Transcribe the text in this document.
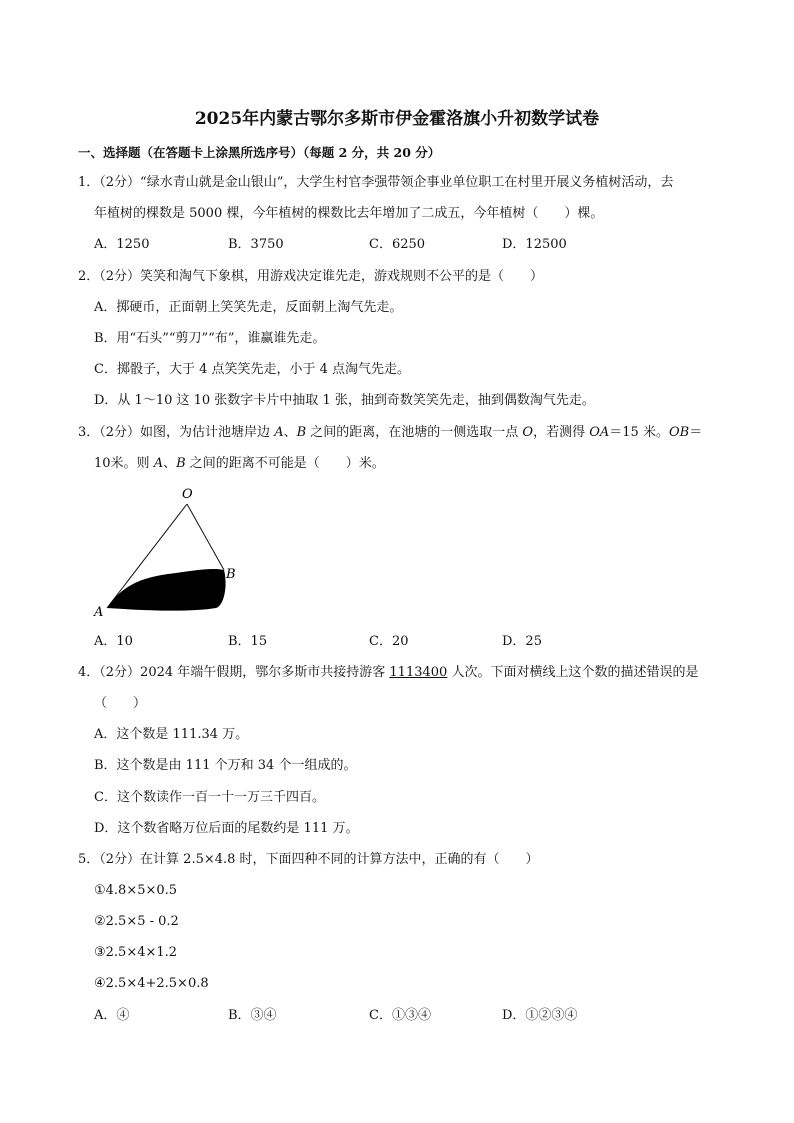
2025年内蒙古鄂尔多斯市伊金霍洛旗小升初数学试卷
一、选择题（在答题卡上涂黑所选序号）（每题 2 分，共 20 分）
1．（2分）“绿水青山就是金山银山”，大学生村官李强带领企事业单位职工在村里开展义务植树活动，去
年植树的棵数是 5000 棵，今年植树的棵数比去年增加了二成五，今年植树（　　）棵。
A．1250	B．3750	C．6250	D．12500
2．（2分）笑笑和淘气下象棋，用游戏决定谁先走，游戏规则不公平的是（　　）
A．掷硬币，正面朝上笑笑先走，反面朝上淘气先走。
B．用“石头”“剪刀”“布”，谁赢谁先走。
C．掷骰子，大于 4 点笑笑先走，小于 4 点淘气先走。
D．从 1～10 这 10 张数字卡片中抽取 1 张，抽到奇数笑笑先走，抽到偶数淘气先走。
3．（2分）如图，为估计池塘岸边 A、B 之间的距离，在池塘的一侧选取一点 O，若测得 OA＝15 米。OB＝
10米。则 A、B 之间的距离不可能是（　　）米。
O
B
A
A．10	B．15	C．20	D．25
4．（2分）2024 年端午假期，鄂尔多斯市共接持游客 1113400 人次。下面对横线上这个数的描述错误的是
（　　）
A．这个数是 111.34 万。
B．这个数是由 111 个万和 34 个一组成的。
C．这个数读作一百一十一万三千四百。
D．这个数省略万位后面的尾数约是 111 万。
5．（2分）在计算 2.5×4.8 时，下面四种不同的计算方法中，正确的有（　　）
①4.8×5×0.5
②2.5×5 - 0.2
③2.5×4×1.2
④2.5×4+2.5×0.8
A．④	B．③④	C．①③④	D．①②③④
